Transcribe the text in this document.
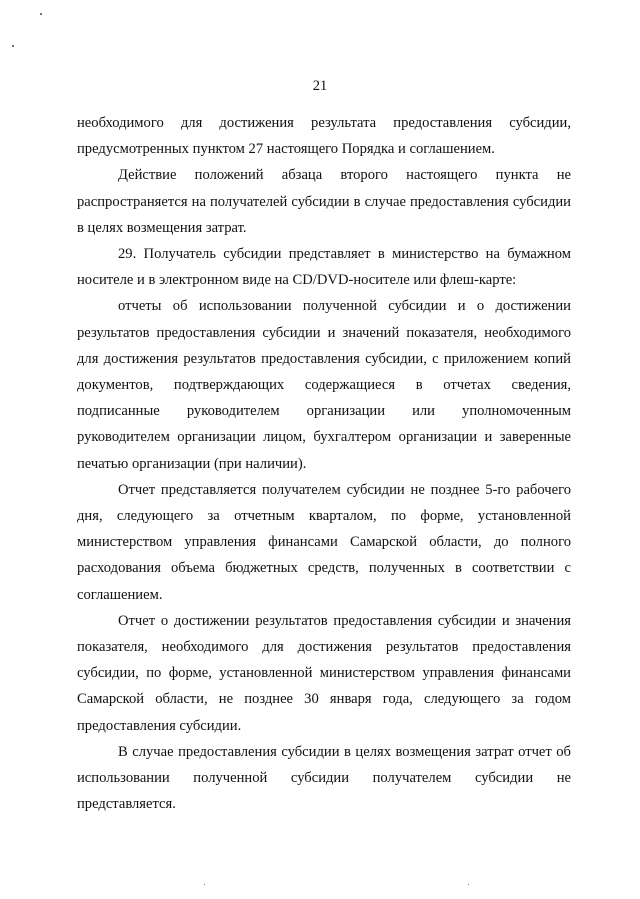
21

необходимого для достижения результата предоставления субсидии, предусмотренных пунктом 27 настоящего Порядка и соглашением.

Действие положений абзаца второго настоящего пункта не распространяется на получателей субсидии в случае предоставления субсидии в целях возмещения затрат.

29. Получатель субсидии представляет в министерство на бумажном носителе и в электронном виде на CD/DVD-носителе или флеш-карте:

отчеты об использовании полученной субсидии и о достижении результатов предоставления субсидии и значений показателя, необходимого для достижения результатов предоставления субсидии, с приложением копий документов, подтверждающих содержащиеся в отчетах сведения, подписанные руководителем организации или уполномоченным руководителем организации лицом, бухгалтером организации и заверенные печатью организации (при наличии).

Отчет представляется получателем субсидии не позднее 5-го рабочего дня, следующего за отчетным кварталом, по форме, установленной министерством управления финансами Самарской области, до полного расходования объема бюджетных средств, полученных в соответствии с соглашением.

Отчет о достижении результатов предоставления субсидии и значения показателя, необходимого для достижения результатов предоставления субсидии, по форме, установленной министерством управления финансами Самарской области, не позднее 30 января года, следующего за годом предоставления субсидии.

В случае предоставления субсидии в целях возмещения затрат отчет об использовании полученной субсидии получателем субсидии не представляется.
